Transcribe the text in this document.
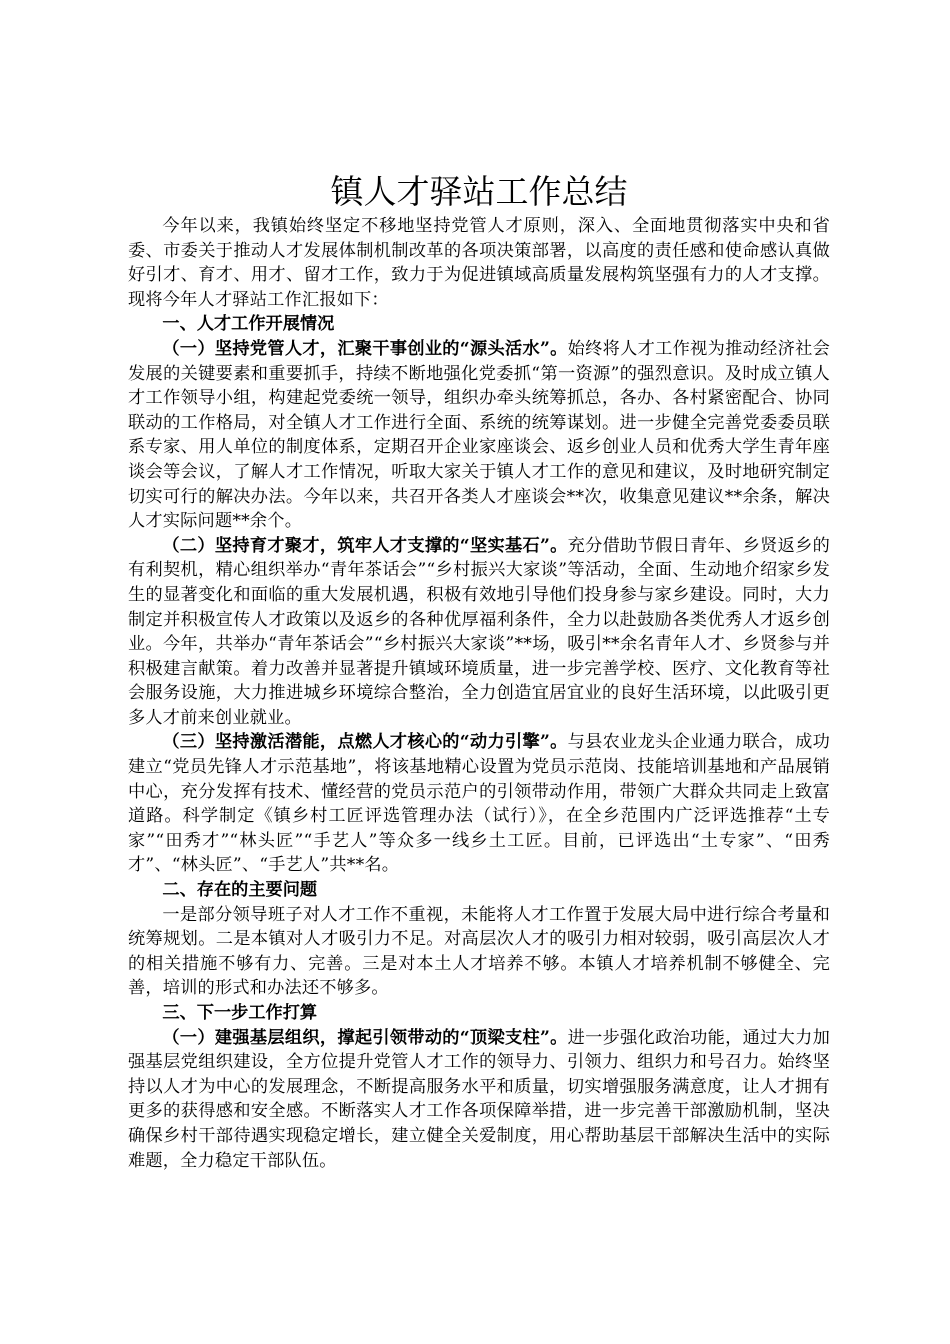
镇人才驿站工作总结

今年以来，我镇始终坚定不移地坚持党管人才原则，深入、全面地贯彻落实中央和省委、市委关于推动人才发展体制机制改革的各项决策部署，以高度的责任感和使命感认真做好引才、育才、用才、留才工作，致力于为促进镇域高质量发展构筑坚强有力的人才支撑。现将今年人才驿站工作汇报如下：

一、人才工作开展情况

（一）坚持党管人才，汇聚干事创业的“源头活水”。始终将人才工作视为推动经济社会发展的关键要素和重要抓手，持续不断地强化党委抓“第一资源”的强烈意识。及时成立镇人才工作领导小组，构建起党委统一领导，组织办牵头统筹抓总，各办、各村紧密配合、协同联动的工作格局，对全镇人才工作进行全面、系统的统筹谋划。进一步健全完善党委委员联系专家、用人单位的制度体系，定期召开企业家座谈会、返乡创业人员和优秀大学生青年座谈会等会议，了解人才工作情况，听取大家关于镇人才工作的意见和建议，及时地研究制定切实可行的解决办法。今年以来，共召开各类人才座谈会**次，收集意见建议**余条，解决人才实际问题**余个。

（二）坚持育才聚才，筑牢人才支撑的“坚实基石”。充分借助节假日青年、乡贤返乡的有利契机，精心组织举办“青年茶话会”“乡村振兴大家谈”等活动，全面、生动地介绍家乡发生的显著变化和面临的重大发展机遇，积极有效地引导他们投身参与家乡建设。同时，大力制定并积极宣传人才政策以及返乡的各种优厚福利条件，全力以赴鼓励各类优秀人才返乡创业。今年，共举办“青年茶话会”“乡村振兴大家谈”**场，吸引**余名青年人才、乡贤参与并积极建言献策。着力改善并显著提升镇域环境质量，进一步完善学校、医疗、文化教育等社会服务设施，大力推进城乡环境综合整治，全力创造宜居宜业的良好生活环境，以此吸引更多人才前来创业就业。

（三）坚持激活潜能，点燃人才核心的“动力引擎”。与县农业龙头企业通力联合，成功建立“党员先锋人才示范基地”，将该基地精心设置为党员示范岗、技能培训基地和产品展销中心，充分发挥有技术、懂经营的党员示范户的引领带动作用，带领广大群众共同走上致富道路。科学制定《镇乡村工匠评选管理办法（试行）》，在全乡范围内广泛评选推荐“土专家”“田秀才”“林头匠”“手艺人”等众多一线乡土工匠。目前，已评选出“土专家”、“田秀才”、“林头匠”、“手艺人”共**名。

二、存在的主要问题

一是部分领导班子对人才工作不重视，未能将人才工作置于发展大局中进行综合考量和统筹规划。二是本镇对人才吸引力不足。对高层次人才的吸引力相对较弱，吸引高层次人才的相关措施不够有力、完善。三是对本土人才培养不够。本镇人才培养机制不够健全、完善，培训的形式和办法还不够多。

三、下一步工作打算

（一）建强基层组织，撑起引领带动的“顶梁支柱”。进一步强化政治功能，通过大力加强基层党组织建设，全方位提升党管人才工作的领导力、引领力、组织力和号召力。始终坚持以人才为中心的发展理念，不断提高服务水平和质量，切实增强服务满意度，让人才拥有更多的获得感和安全感。不断落实人才工作各项保障举措，进一步完善干部激励机制，坚决确保乡村干部待遇实现稳定增长，建立健全关爱制度，用心帮助基层干部解决生活中的实际难题，全力稳定干部队伍。
